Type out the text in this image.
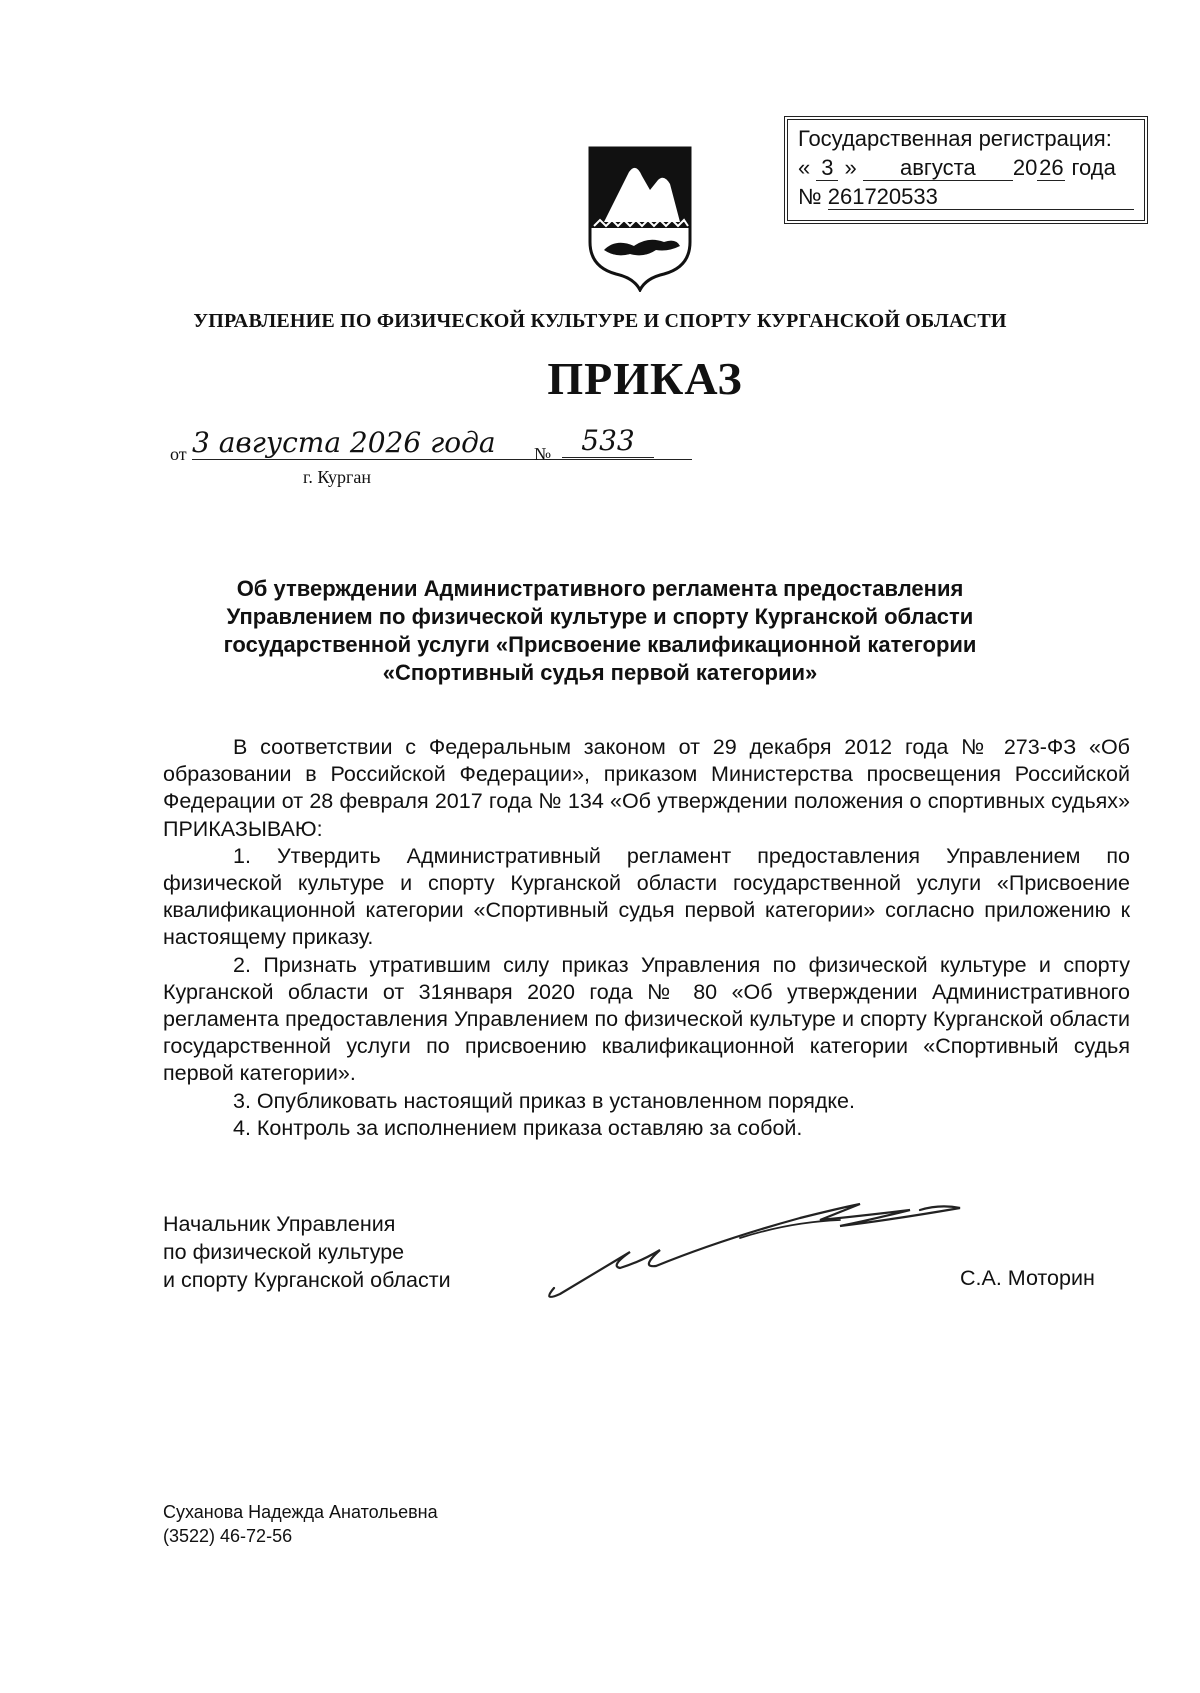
Государственная регистрация:
« 3 » августа 2026 года
№ 261720533
УПРАВЛЕНИЕ ПО ФИЗИЧЕСКОЙ КУЛЬТУРЕ И СПОРТУ КУРГАНСКОЙ ОБЛАСТИ
ПРИКАЗ
от 3 августа 2026 года	№	533
г. Курган
Об утверждении Административного регламента предоставления
Управлением по физической культуре и спорту Курганской области
государственной услуги «Присвоение квалификационной категории
«Спортивный судья первой категории»

В соответствии с Федеральным законом от 29 декабря 2012 года № 273-ФЗ «Об образовании в Российской Федерации», приказом Министерства просвещения Российской Федерации от 28 февраля 2017 года № 134 «Об утверждении положения о спортивных судьях» ПРИКАЗЫВАЮ:

1. Утвердить Административный регламент предоставления Управлением по физической культуре и спорту Курганской области государственной услуги «Присвоение квалификационной категории «Спортивный судья первой категории» согласно приложению к настоящему приказу.

2. Признать утратившим силу приказ Управления по физической культуре и спорту Курганской области от 31января 2020 года № 80 «Об утверждении Административного регламента предоставления Управлением по физической культуре и спорту Курганской области государственной услуги по присвоению квалификационной категории «Спортивный судья первой категории».

3. Опубликовать настоящий приказ в установленном порядке.

4. Контроль за исполнением приказа оставляю за собой.

Начальник Управления
по физической культуре
и спорту Курганской области	С.А. Моторин
Суханова Надежда Анатольевна
(3522) 46-72-56
